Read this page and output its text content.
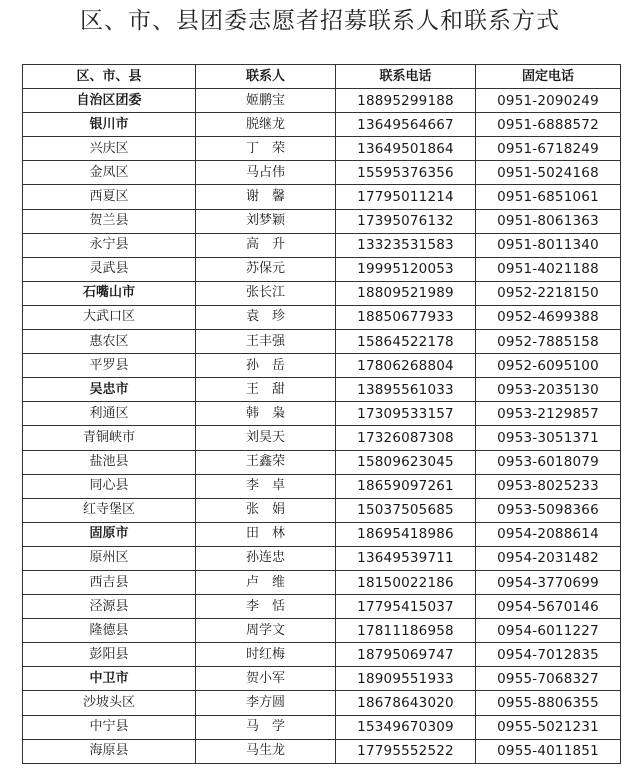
区、市、县团委志愿者招募联系人和联系方式
区、市、县	联系人	联系电话	固定电话
自治区团委	姬鹏宝	18895299188	0951-2090249
银川市	脱继龙	13649564667	0951-6888572
兴庆区	丁　荣	13649501864	0951-6718249
金凤区	马占伟	15595376356	0951-5024168
西夏区	谢　馨	17795011214	0951-6851061
贺兰县	刘梦颖	17395076132	0951-8061363
永宁县	高　升	13323531583	0951-8011340
灵武县	苏保元	19995120053	0951-4021188
石嘴山市	张长江	18809521989	0952-2218150
大武口区	袁　珍	18850677933	0952-4699388
惠农区	王丰强	15864522178	0952-7885158
平罗县	孙　岳	17806268804	0952-6095100
吴忠市	王　甜	13895561033	0953-2035130
利通区	韩　枭	17309533157	0953-2129857
青铜峡市	刘昊天	17326087308	0953-3051371
盐池县	王鑫荣	15809623045	0953-6018079
同心县	李　卓	18659097261	0953-8025233
红寺堡区	张　娟	15037505685	0953-5098366
固原市	田　林	18695418986	0954-2088614
原州区	孙连忠	13649539711	0954-2031482
西吉县	卢　维	18150022186	0954-3770699
泾源县	李　恬	17795415037	0954-5670146
隆德县	周学文	17811186958	0954-6011227
彭阳县	时红梅	18795069747	0954-7012835
中卫市	贺小军	18909551933	0955-7068327
沙坡头区	李方圆	18678643020	0955-8806355
中宁县	马　学	15349670309	0955-5021231
海原县	马生龙	17795552522	0955-4011851
